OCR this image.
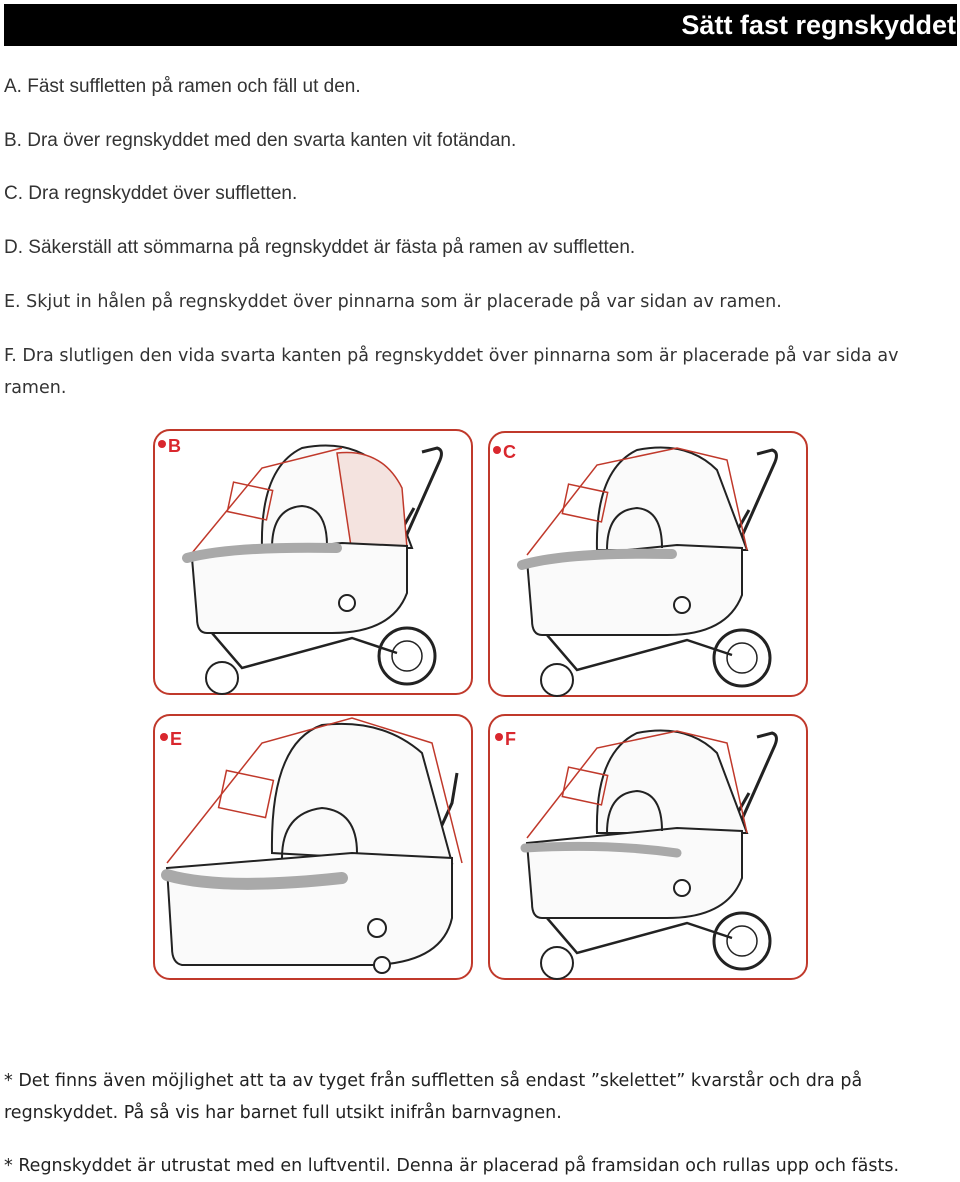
Sätt fast regnskyddet
A. Fäst suffletten på ramen och fäll ut den.
B. Dra över regnskyddet med den svarta kanten vit fotändan.
C. Dra regnskyddet över suffletten.
D. Säkerställ att sömmarna på regnskyddet är fästa på ramen av suffletten.
E. Skjut in hålen på regnskyddet över pinnarna som är placerade på var sidan av ramen.
F. Dra slutligen den vida svarta kanten på regnskyddet över pinnarna som är placerade på var sida av ramen.
B	C
E	F
* Det finns även möjlighet att ta av tyget från suffletten så endast ”skelettet” kvarstår och dra på regnskyddet. På så vis har barnet full utsikt inifrån barnvagnen.
* Regnskyddet är utrustat med en luftventil. Denna är placerad på framsidan och rullas upp och fästs.
